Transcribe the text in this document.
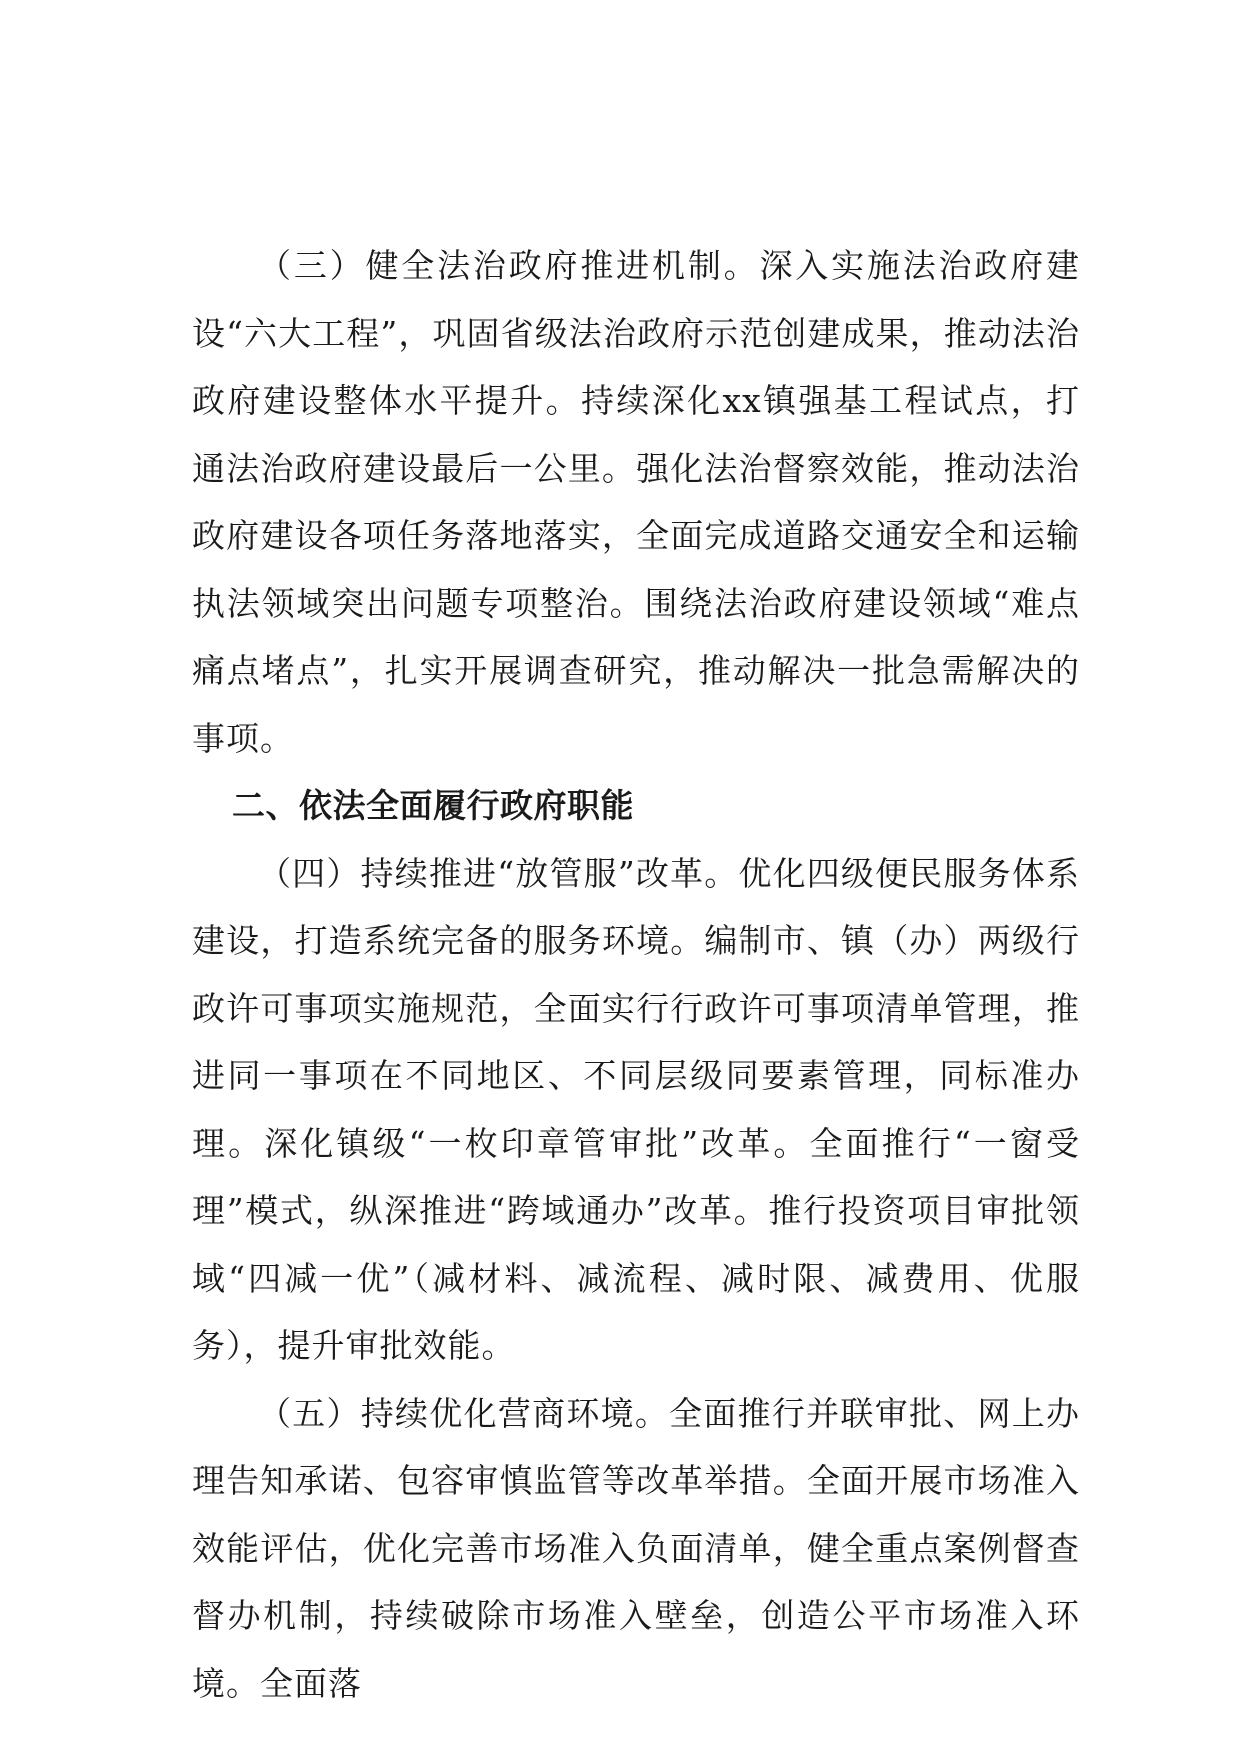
（三）健全法治政府推进机制。深入实施法治政府建设“六大工程”，巩固省级法治政府示范创建成果，推动法治政府建设整体水平提升。持续深化xx镇强基工程试点，打通法治政府建设最后一公里。强化法治督察效能，推动法治政府建设各项任务落地落实，全面完成道路交通安全和运输执法领域突出问题专项整治。围绕法治政府建设领域“难点痛点堵点”，扎实开展调查研究，推动解决一批急需解决的事项。

二、依法全面履行政府职能

（四）持续推进“放管服”改革。优化四级便民服务体系建设，打造系统完备的服务环境。编制市、镇（办）两级行政许可事项实施规范，全面实行行政许可事项清单管理，推进同一事项在不同地区、不同层级同要素管理，同标准办理。深化镇级“一枚印章管审批”改革。全面推行“一窗受理”模式，纵深推进“跨域通办”改革。推行投资项目审批领域“四减一优”（减材料、减流程、减时限、减费用、优服务），提升审批效能。

（五）持续优化营商环境。全面推行并联审批、网上办理告知承诺、包容审慎监管等改革举措。全面开展市场准入效能评估，优化完善市场准入负面清单，健全重点案例督查督办机制，持续破除市场准入壁垒，创造公平市场准入环境。全面落
